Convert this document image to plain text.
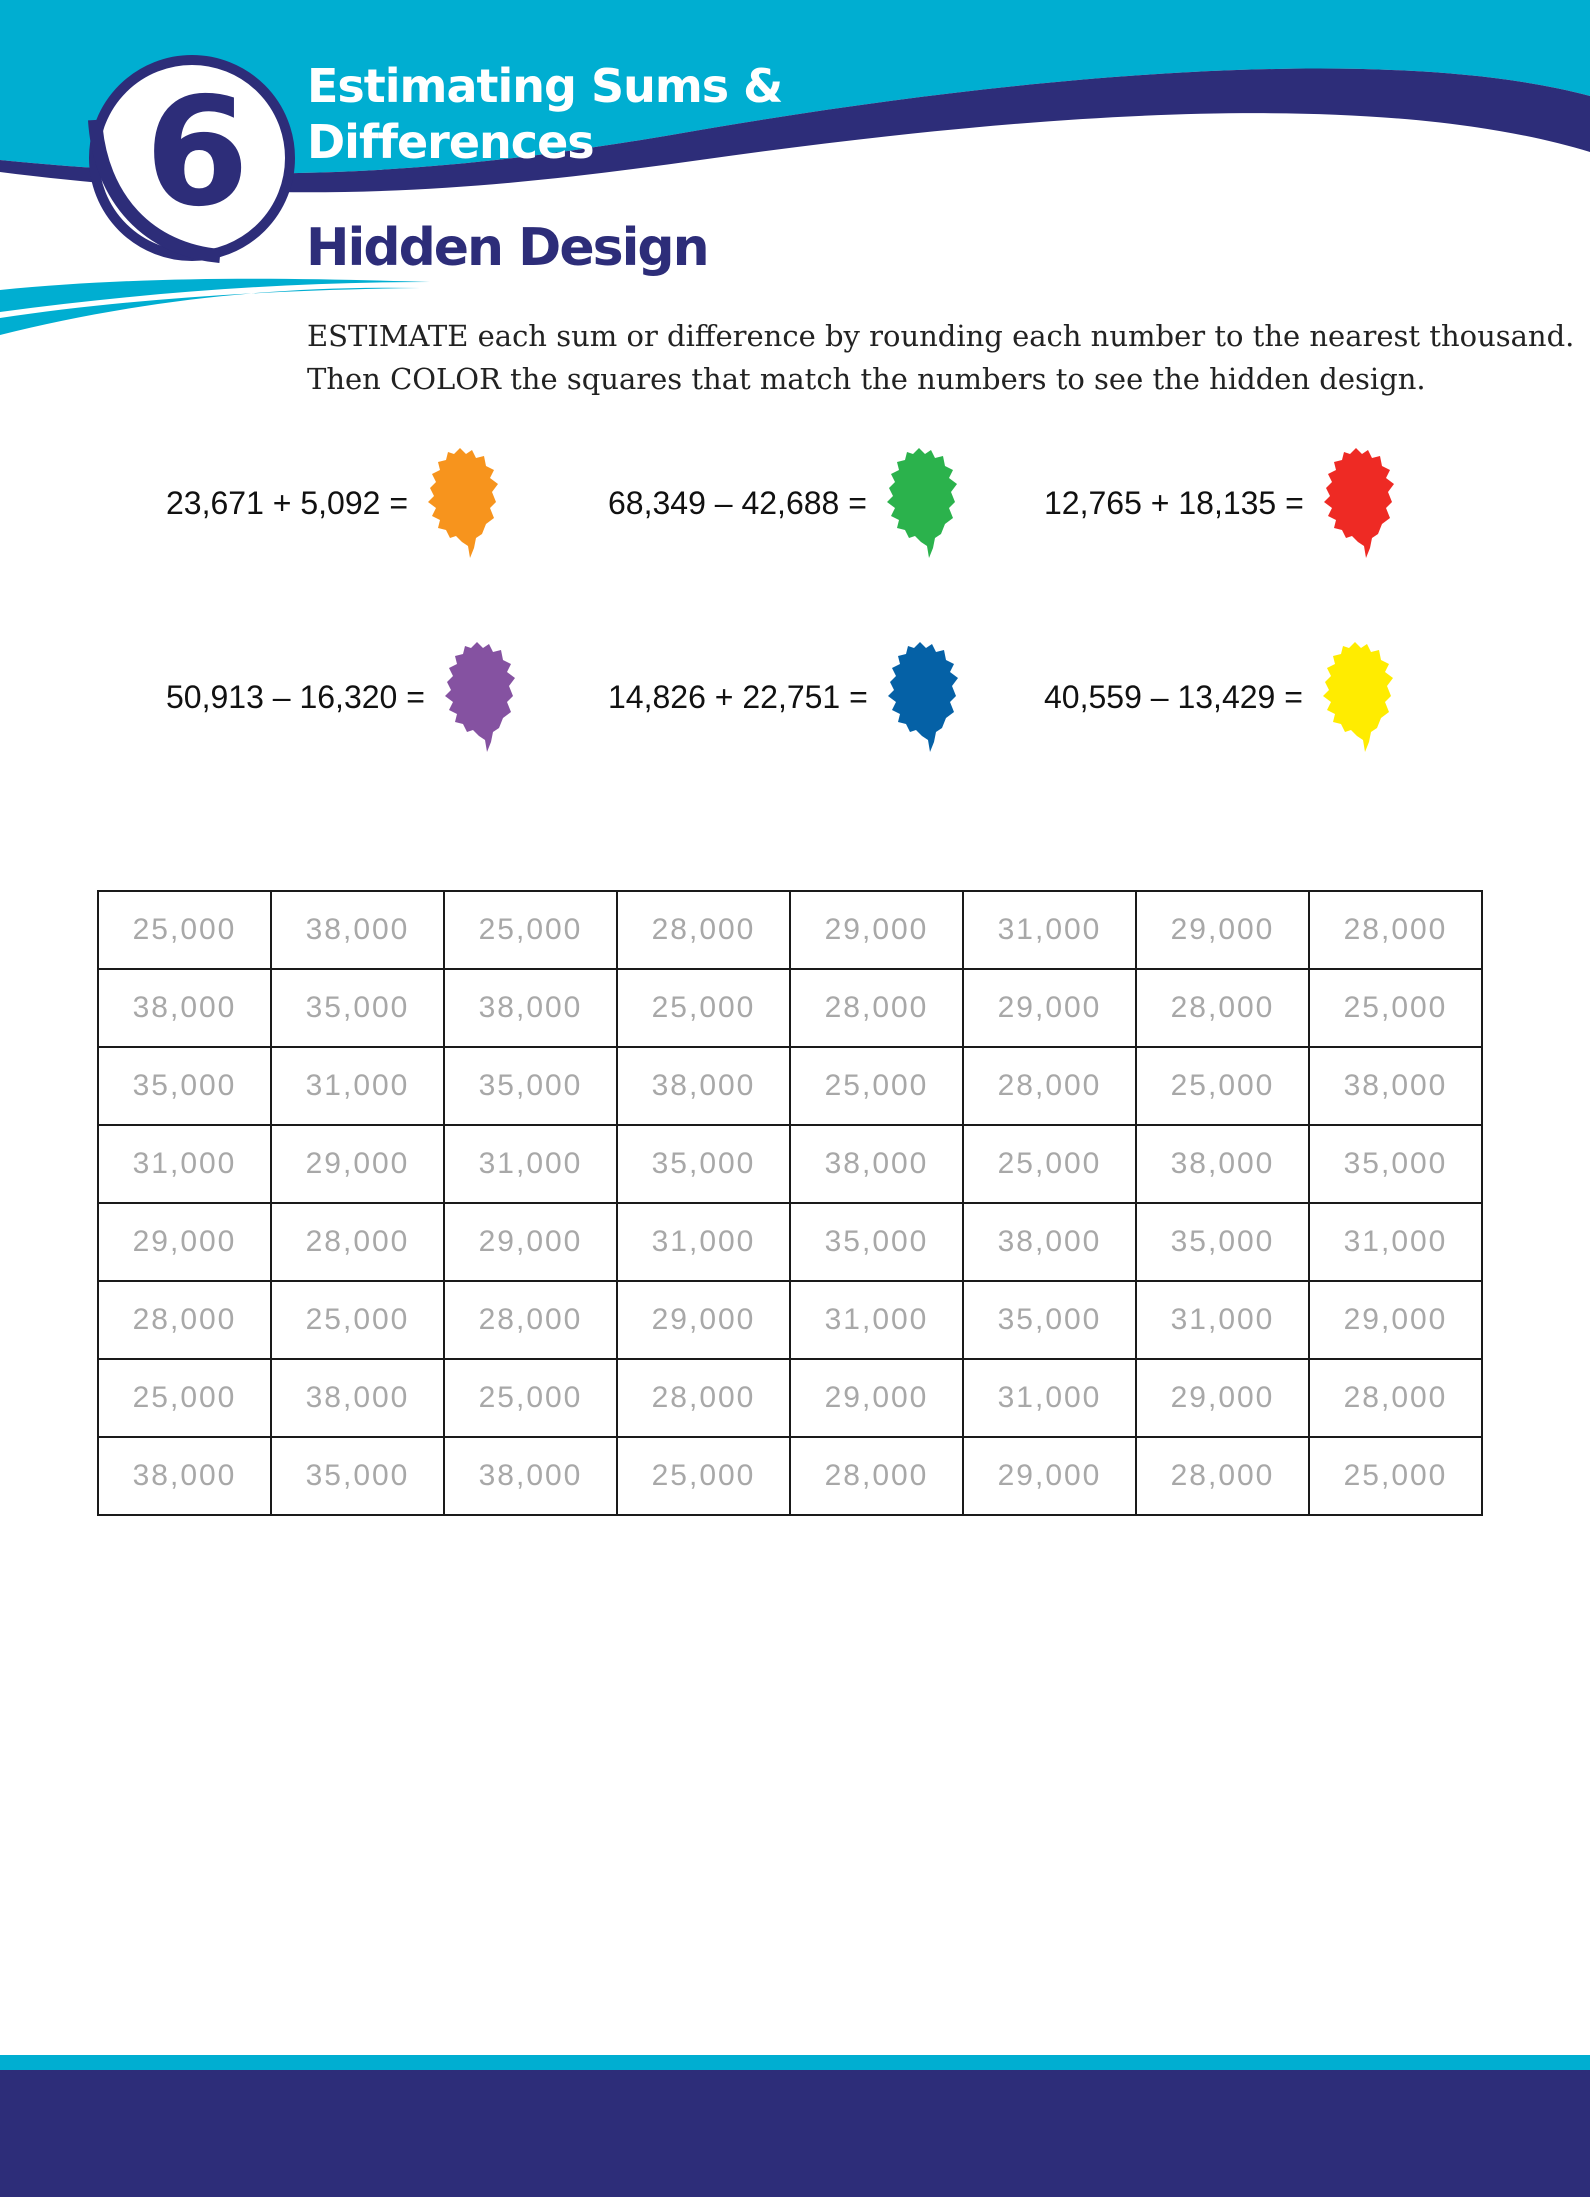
6	Estimating Sums &
Differences
Hidden Design
ESTIMATE each sum or difference by rounding each number to the nearest thousand.
Then COLOR the squares that match the numbers to see the hidden design.
23,671 + 5,092 =	68,349 – 42,688 =	12,765 + 18,135 =
50,913 – 16,320 =	14,826 + 22,751 =	40,559 – 13,429 =
25,000	38,000	25,000	28,000	29,000	31,000	29,000	28,000
38,000	35,000	38,000	25,000	28,000	29,000	28,000	25,000
35,000	31,000	35,000	38,000	25,000	28,000	25,000	38,000
31,000	29,000	31,000	35,000	38,000	25,000	38,000	35,000
29,000	28,000	29,000	31,000	35,000	38,000	35,000	31,000
28,000	25,000	28,000	29,000	31,000	35,000	31,000	29,000
25,000	38,000	25,000	28,000	29,000	31,000	29,000	28,000
38,000	35,000	38,000	25,000	28,000	29,000	28,000	25,000
